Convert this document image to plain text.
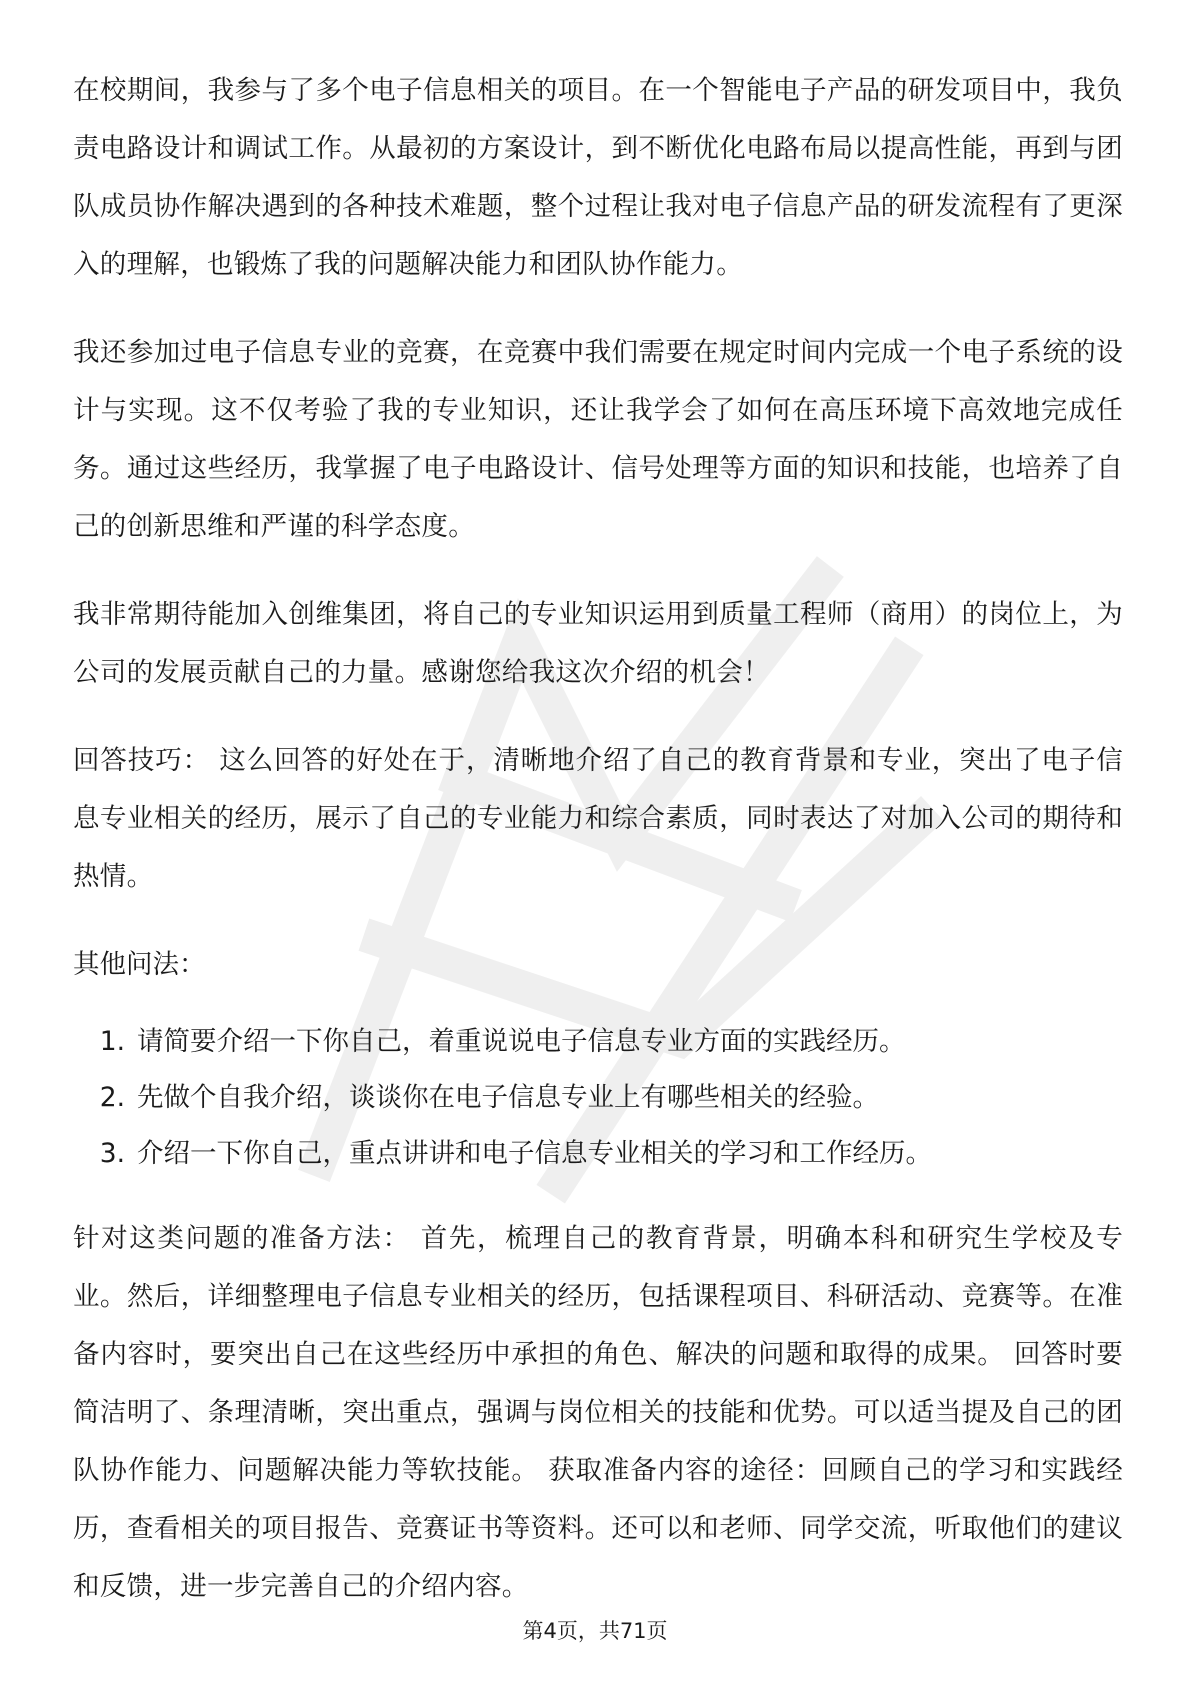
在校期间，我参与了多个电子信息相关的项目。在一个智能电子产品的研发项目中，我负责电路设计和调试工作。从最初的方案设计，到不断优化电路布局以提高性能，再到与团队成员协作解决遇到的各种技术难题，整个过程让我对电子信息产品的研发流程有了更深入的理解，也锻炼了我的问题解决能力和团队协作能力。

我还参加过电子信息专业的竞赛，在竞赛中我们需要在规定时间内完成一个电子系统的设计与实现。这不仅考验了我的专业知识，还让我学会了如何在高压环境下高效地完成任务。通过这些经历，我掌握了电子电路设计、信号处理等方面的知识和技能，也培养了自己的创新思维和严谨的科学态度。

我非常期待能加入创维集团，将自己的专业知识运用到质量工程师（商用）的岗位上，为公司的发展贡献自己的力量。感谢您给我这次介绍的机会！

回答技巧： 这么回答的好处在于，清晰地介绍了自己的教育背景和专业，突出了电子信息专业相关的经历，展示了自己的专业能力和综合素质，同时表达了对加入公司的期待和热情。

其他问法：

1. 请简要介绍一下你自己，着重说说电子信息专业方面的实践经历。
2. 先做个自我介绍，谈谈你在电子信息专业上有哪些相关的经验。
3. 介绍一下你自己，重点讲讲和电子信息专业相关的学习和工作经历。

针对这类问题的准备方法： 首先，梳理自己的教育背景，明确本科和研究生学校及专业。然后，详细整理电子信息专业相关的经历，包括课程项目、科研活动、竞赛等。在准备内容时，要突出自己在这些经历中承担的角色、解决的问题和取得的成果。 回答时要简洁明了、条理清晰，突出重点，强调与岗位相关的技能和优势。可以适当提及自己的团队协作能力、问题解决能力等软技能。 获取准备内容的途径：回顾自己的学习和实践经历，查看相关的项目报告、竞赛证书等资料。还可以和老师、同学交流，听取他们的建议和反馈，进一步完善自己的介绍内容。

第4页，共71页
